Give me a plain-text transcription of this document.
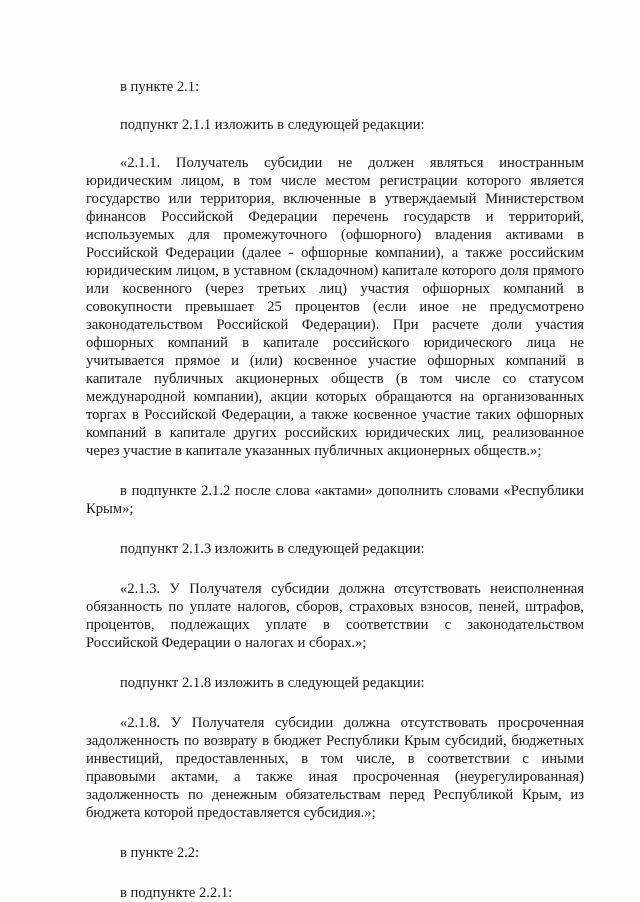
в пункте 2.1:

подпункт 2.1.1 изложить в следующей редакции:

«2.1.1. Получатель субсидии не должен являться иностранным юридическим лицом, в том числе местом регистрации которого является государство или территория, включенные в утверждаемый Министерством финансов Российской Федерации перечень государств и территорий, используемых для промежуточного (офшорного) владения активами в Российской Федерации (далее - офшорные компании), а также российским юридическим лицом, в уставном (складочном) капитале которого доля прямого или косвенного (через третьих лиц) участия офшорных компаний в совокупности превышает 25 процентов (если иное не предусмотрено законодательством Российской Федерации). При расчете доли участия офшорных компаний в капитале российского юридического лица не учитывается прямое и (или) косвенное участие офшорных компаний в капитале публичных акционерных обществ (в том числе со статусом международной компании), акции которых обращаются на организованных торгах в Российской Федерации, а также косвенное участие таких офшорных компаний в капитале других российских юридических лиц, реализованное через участие в капитале указанных публичных акционерных обществ.»;

в подпункте 2.1.2 после слова «актами» дополнить словами «Республики Крым»;

подпункт 2.1.3 изложить в следующей редакции:

«2.1.3. У Получателя субсидии должна отсутствовать неисполненная обязанность по уплате налогов, сборов, страховых взносов, пеней, штрафов, процентов, подлежащих уплате в соответствии с законодательством Российской Федерации о налогах и сборах.»;

подпункт 2.1.8 изложить в следующей редакции:

«2.1.8. У Получателя субсидии должна отсутствовать просроченная задолженность по возврату в бюджет Республики Крым субсидий, бюджетных инвестиций, предоставленных, в том числе, в соответствии с иными правовыми актами, а также иная просроченная (неурегулированная) задолженность по денежным обязательствам перед Республикой Крым, из бюджета которой предоставляется субсидия.»;

в пункте 2.2:

в подпункте 2.2.1:
